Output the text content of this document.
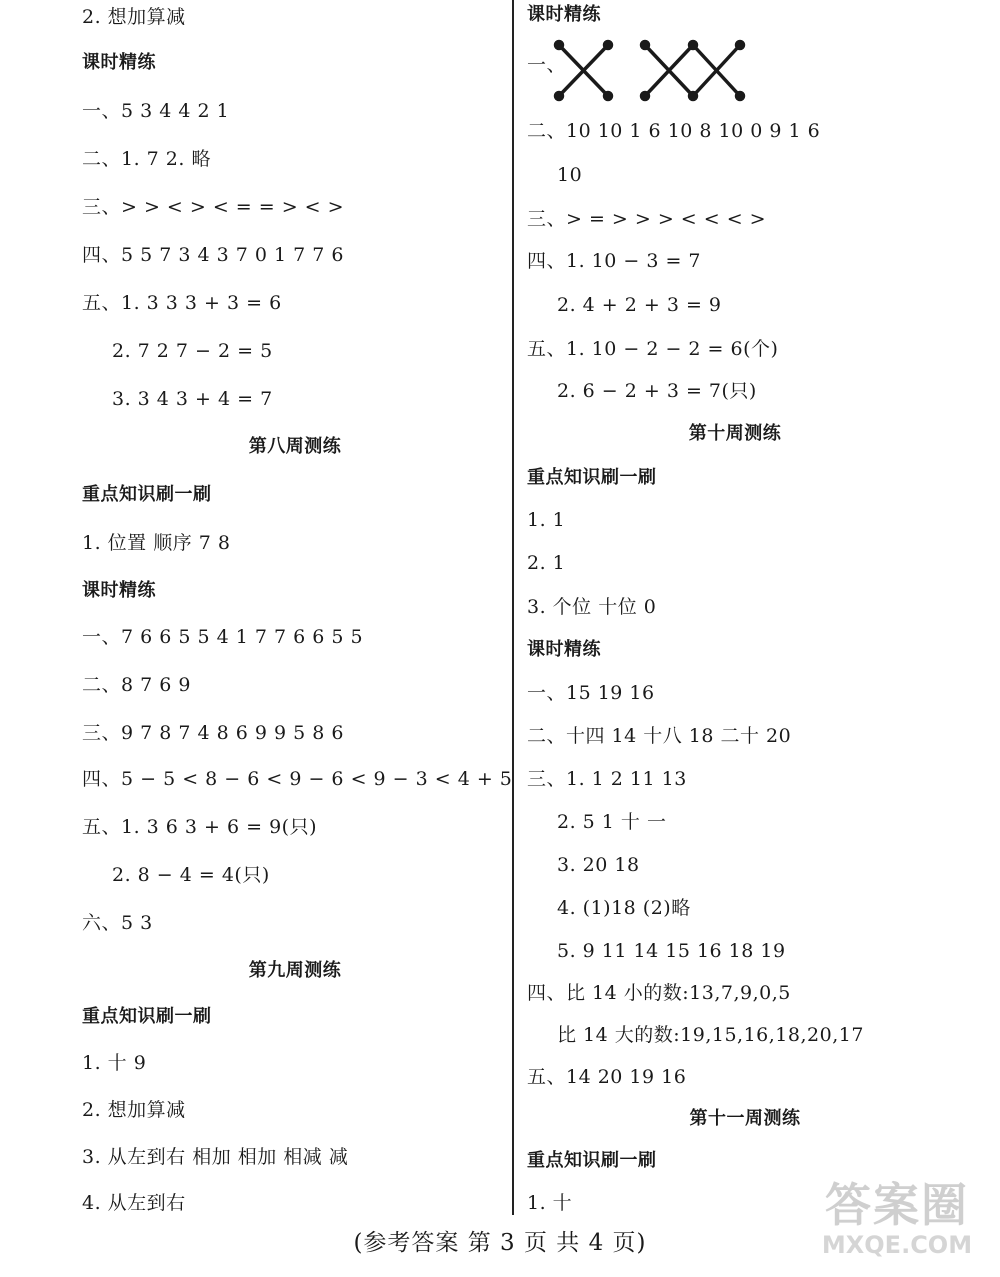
2. 想加算减
课时精练
一、5 3 4 4 2 1
二、1. 7 2. 略
三、> > < > < = = > < >
四、5 5 7 3 4 3 7 0 1 7 7 6
五、1. 3 3 3 + 3 = 6
2. 7 2 7 − 2 = 5
3. 3 4 3 + 4 = 7
第八周测练
重点知识刷一刷
1. 位置 顺序 7 8
课时精练
一、7 6 6 5 5 4 1 7 7 6 6 5 5
二、8 7 6 9
三、9 7 8 7 4 8 6 9 9 5 8 6
四、5 − 5 < 8 − 6 < 9 − 6 < 9 − 3 < 4 + 5
五、1. 3 6 3 + 6 = 9(只)
2. 8 − 4 = 4(只)
六、5 3
第九周测练
重点知识刷一刷
1. 十 9
2. 想加算减
3. 从左到右 相加 相加 相减 减
4. 从左到右
课时精练
一、
二、10 10 1 6 10 8 10 0 9 1 6
10
三、> = > > > < < < >
四、1. 10 − 3 = 7
2. 4 + 2 + 3 = 9
五、1. 10 − 2 − 2 = 6(个)
2. 6 − 2 + 3 = 7(只)
第十周测练
重点知识刷一刷
1. 1
2. 1
3. 个位 十位 0
课时精练
一、15 19 16
二、十四 14 十八 18 二十 20
三、1. 1 2 11 13
2. 5 1 十 一
3. 20 18
4. (1)18 (2)略
5. 9 11 14 15 16 18 19
四、比 14 小的数:13,7,9,0,5
比 14 大的数:19,15,16,18,20,17
五、14 20 19 16
第十一周测练
重点知识刷一刷
1. 十
(参考答案 第 3 页 共 4 页)
答案圈
MXQE.COM
